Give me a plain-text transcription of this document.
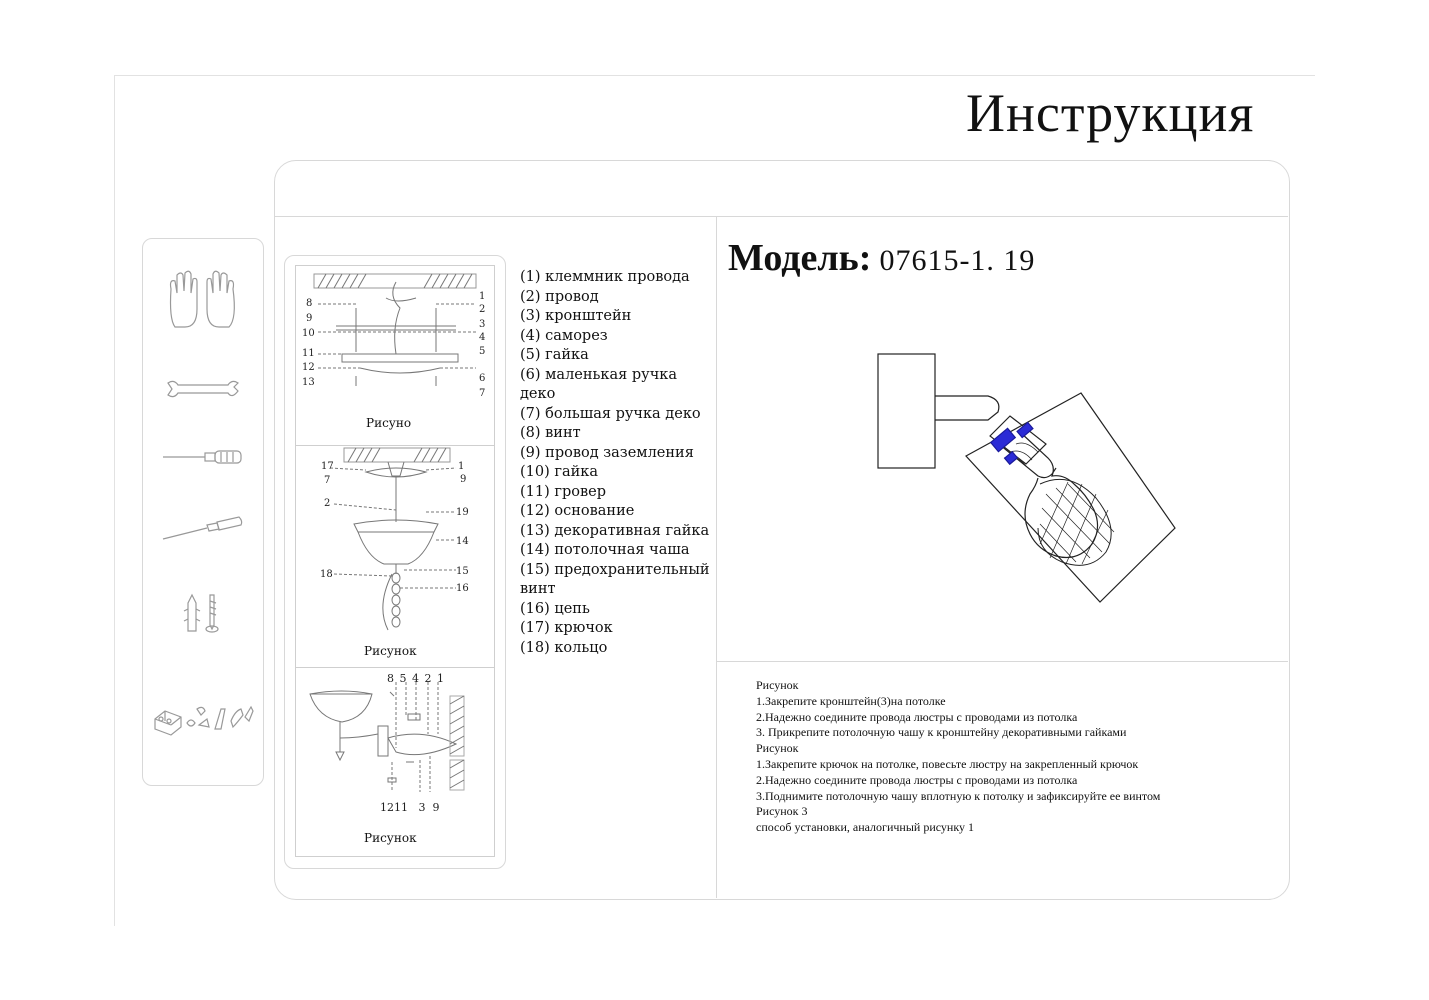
Инструкция
8
9
10
11
12
13
1
2
3
4
5
6
7
Рисуно
17
7
2
18
1
9
19
14
15
16
Рисунок
8 5 4 2 1
1211   3  9
Рисунок
(1) клеммник провода
(2) провод
(3) кронштейн
(4) саморез
(5) гайка
(6) маленькая ручка деко
(7) большая ручка деко
(8) винт
(9) провод заземления
(10) гайка
(11) гровер
(12) основание
(13) декоративная гайка
(14) потолочная чаша
(15) предохранительный
винт
(16) цепь
(17) крючок
(18) кольцо
Модель: 07615-1. 19
Рисунок
1.Закрепите кронштейн(3)на потолке
2.Надежно соедините провода люстры с проводами из потолка
3. Прикрепите потолочную чашу к кронштейну декоративными гайками
Рисунок
1.Закрепите крючок на потолке, повесьте люстру на закрепленный крючок
2.Надежно соедините провода люстры с проводами из потолка
3.Поднимите потолочную чашу вплотную к потолку и зафиксируйте ее винтом
Рисунок 3
способ установки, аналогичный рисунку 1
